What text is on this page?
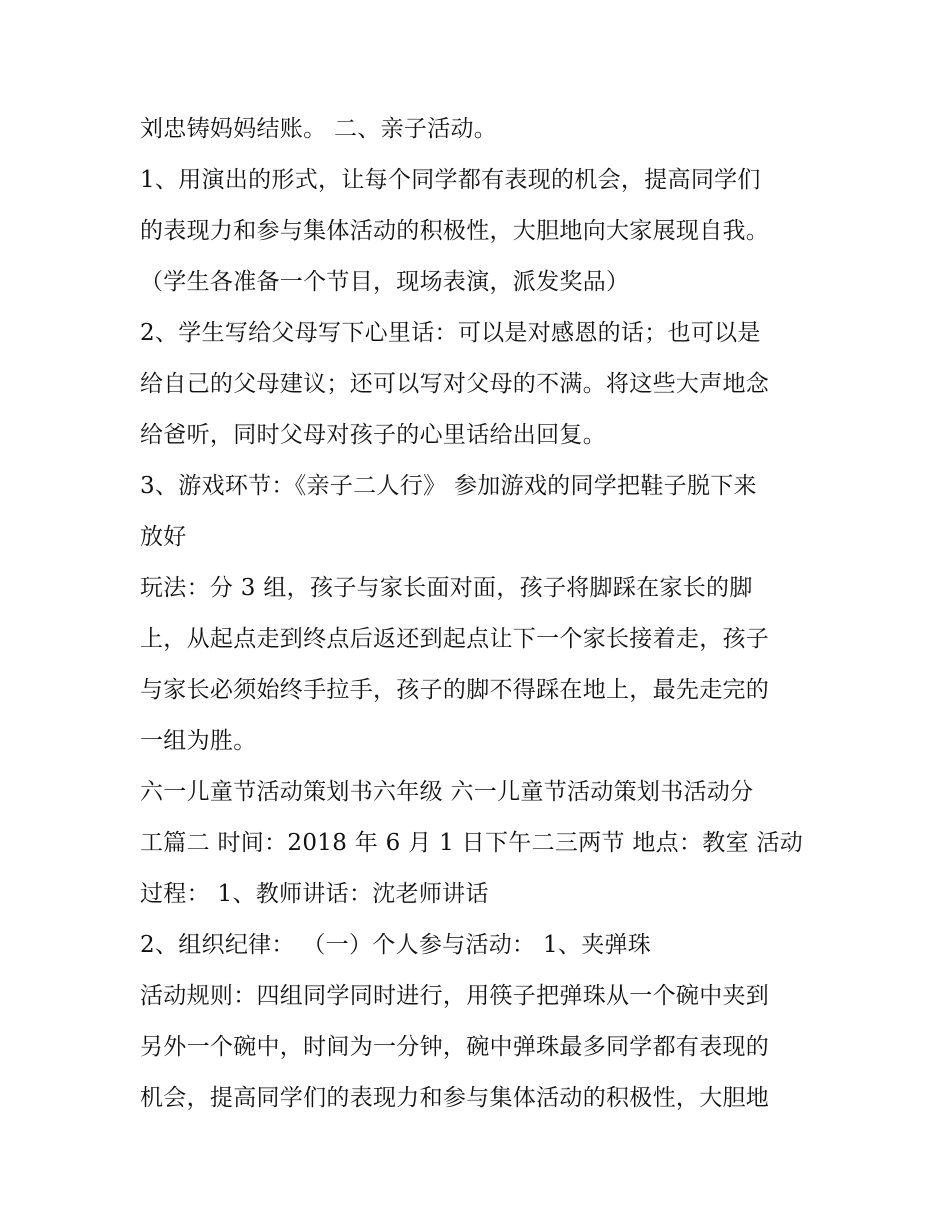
刘忠铸妈妈结账。 二、亲子活动。
1、用演出的形式，让每个同学都有表现的机会，提高同学们
的表现力和参与集体活动的积极性，大胆地向大家展现自我。
（学生各准备一个节目，现场表演，派发奖品）
2、学生写给父母写下心里话：可以是对感恩的话；也可以是
给自己的父母建议；还可以写对父母的不满。将这些大声地念
给爸听，同时父母对孩子的心里话给出回复。
3、游戏环节：《亲子二人行》 参加游戏的同学把鞋子脱下来
放好
玩法：分 3 组，孩子与家长面对面，孩子将脚踩在家长的脚
上，从起点走到终点后返还到起点让下一个家长接着走，孩子
与家长必须始终手拉手，孩子的脚不得踩在地上，最先走完的
一组为胜。
六一儿童节活动策划书六年级 六一儿童节活动策划书活动分
工篇二 时间：2018 年 6 月 1 日下午二三两节 地点：教室 活动
过程： 1、教师讲话：沈老师讲话
2、组织纪律： （一）个人参与活动： 1、夹弹珠
活动规则：四组同学同时进行，用筷子把弹珠从一个碗中夹到
另外一个碗中，时间为一分钟，碗中弹珠最多同学都有表现的
机会，提高同学们的表现力和参与集体活动的积极性，大胆地
